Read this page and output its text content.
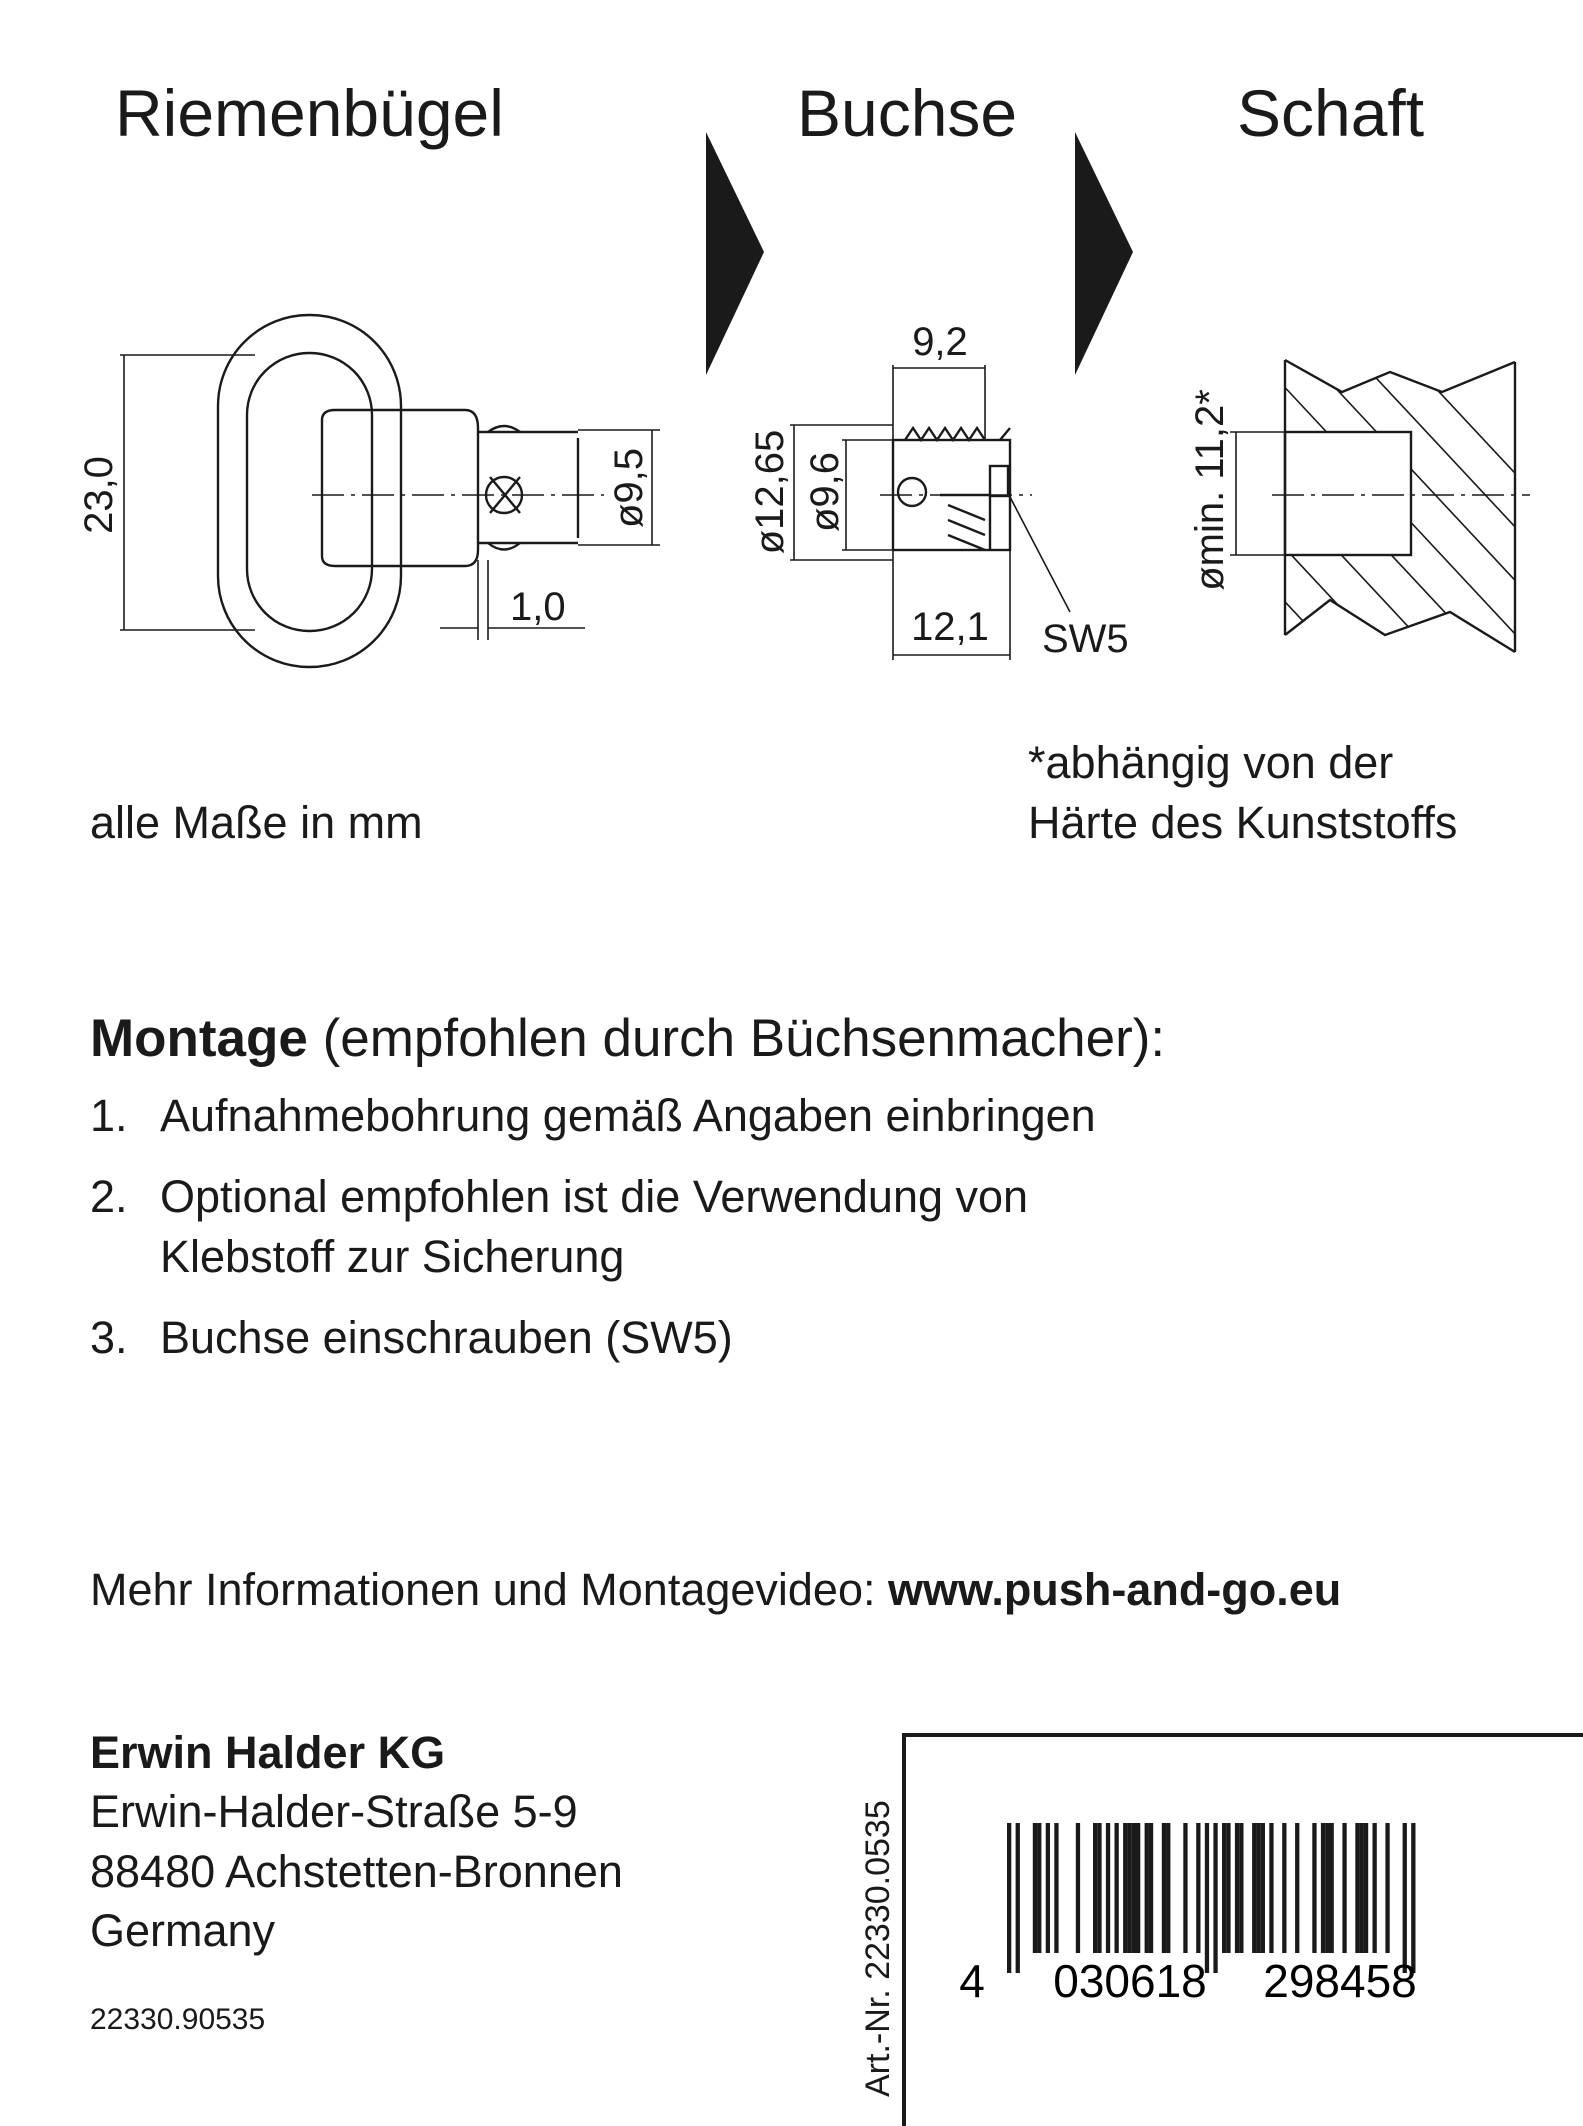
Riemenbügel	Buchse	Schaft
23,0	ø9,5
1,0
9,2
ø12,65 ø9,6
12,1 SW5
ømin. 11,2*
alle Maße in mm
*abhängig von der
Härte des Kunststoffs
Montage (empfohlen durch Büchsenmacher):
1. Aufnahmebohrung gemäß Angaben einbringen
2. Optional empfohlen ist die Verwendung von
Klebstoff zur Sicherung
3. Buchse einschrauben (SW5)
Mehr Informationen und Montagevideo: www.push-and-go.eu
Erwin Halder KG
Erwin-Halder-Straße 5-9
88480 Achstetten-Bronnen
Germany
22330.90535	Art.-Nr. 22330.0535 4 030618 298458
